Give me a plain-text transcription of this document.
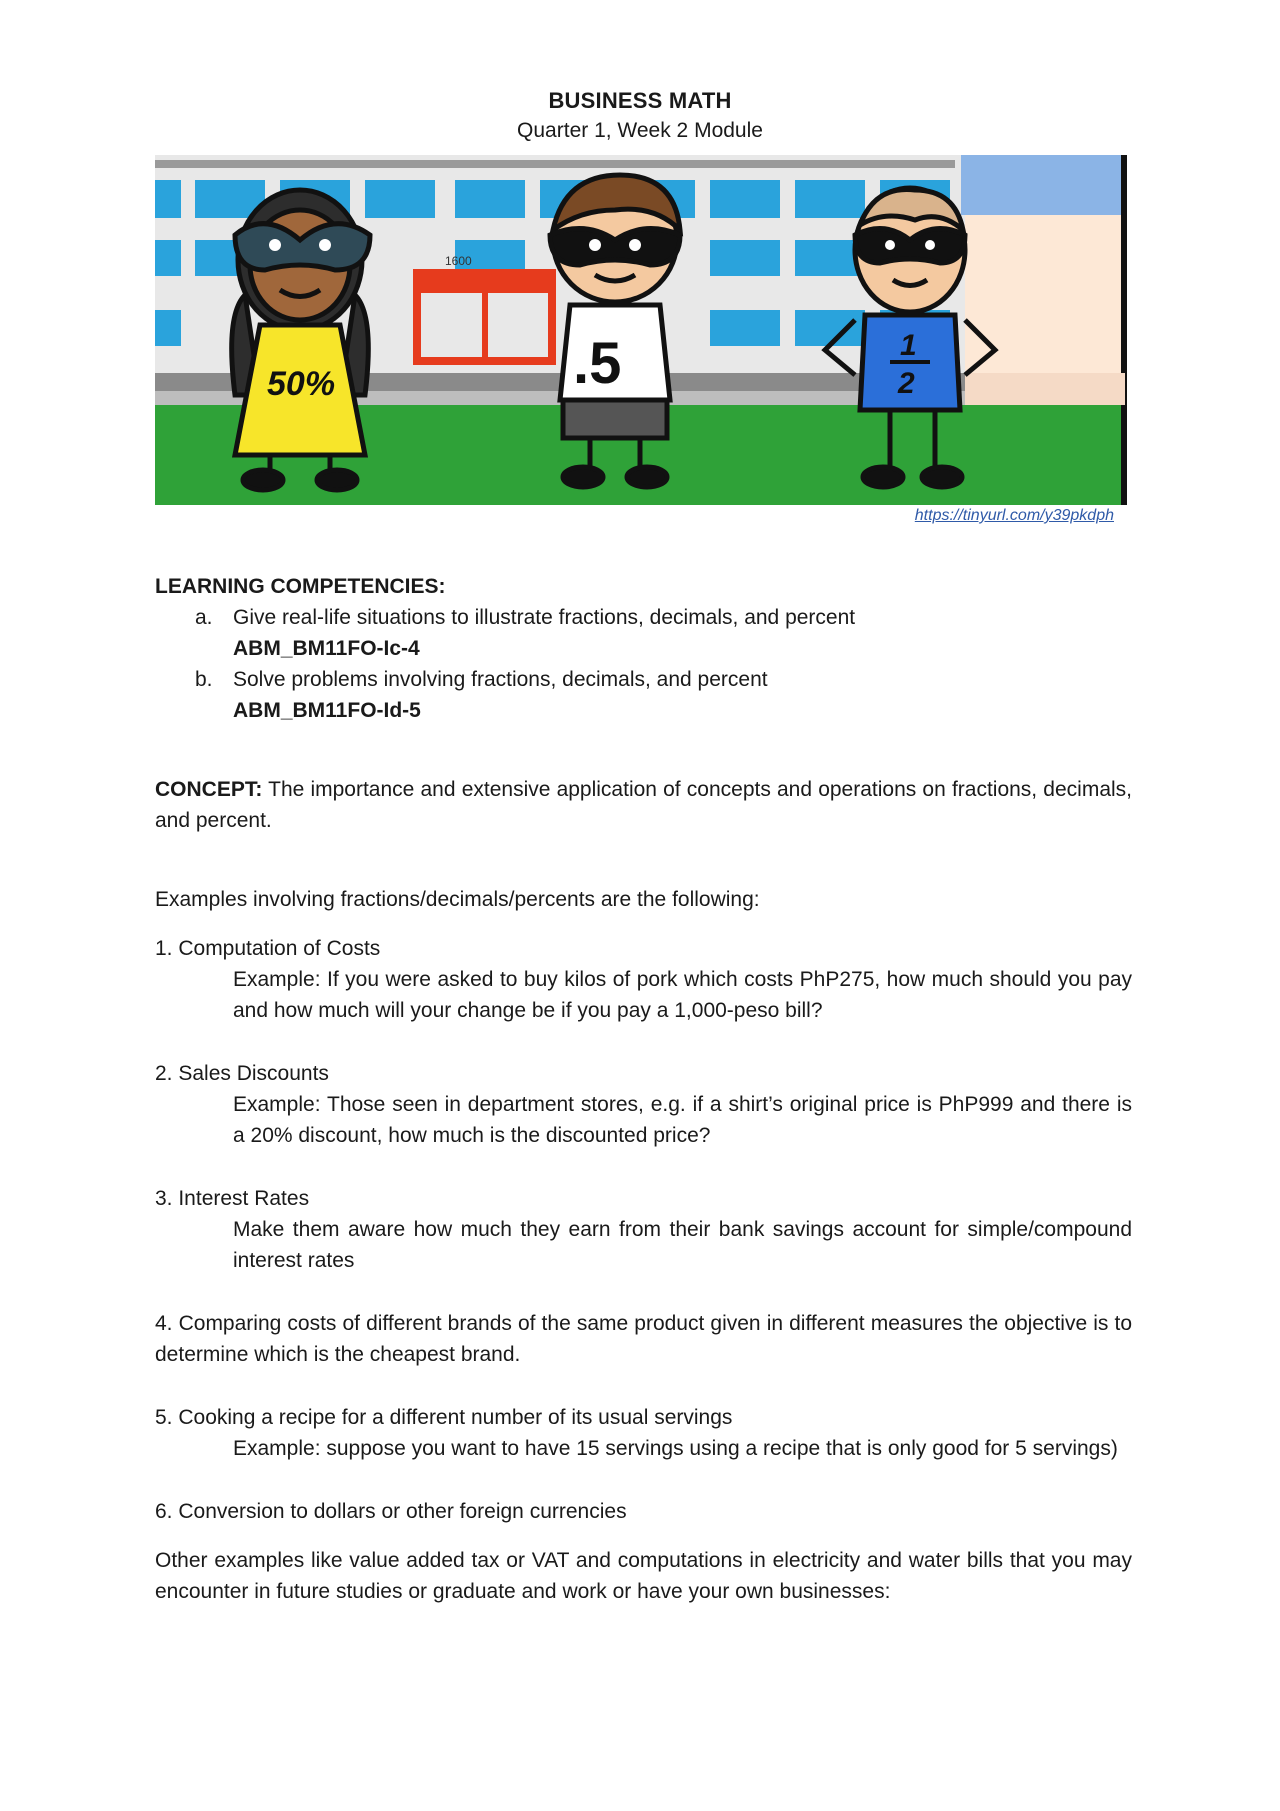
BUSINESS MATH
Quarter 1, Week 2 Module
1600
50%	.5	1
2
https://tinyurl.com/y39pkdph
LEARNING COMPETENCIES:
a. Give real-life situations to illustrate fractions, decimals, and percent
ABM_BM11FO-Ic-4
b. Solve problems involving fractions, decimals, and percent
ABM_BM11FO-Id-5
CONCEPT: The importance and extensive application of concepts and operations on fractions, decimals, and percent.
Examples involving fractions/decimals/percents are the following:
1. Computation of Costs
Example: If you were asked to buy kilos of pork which costs PhP275, how much should you pay and how much will your change be if you pay a 1,000-peso bill?
2. Sales Discounts
Example: Those seen in department stores, e.g. if a shirt’s original price is PhP999 and there is a 20% discount, how much is the discounted price?
3. Interest Rates
Make them aware how much they earn from their bank savings account for simple/compound interest rates
4. Comparing costs of different brands of the same product given in different measures the objective is to determine which is the cheapest brand.
5. Cooking a recipe for a different number of its usual servings
Example: suppose you want to have 15 servings using a recipe that is only good for 5 servings)
6. Conversion to dollars or other foreign currencies
Other examples like value added tax or VAT and computations in electricity and water bills that you may encounter in future studies or graduate and work or have your own businesses:
